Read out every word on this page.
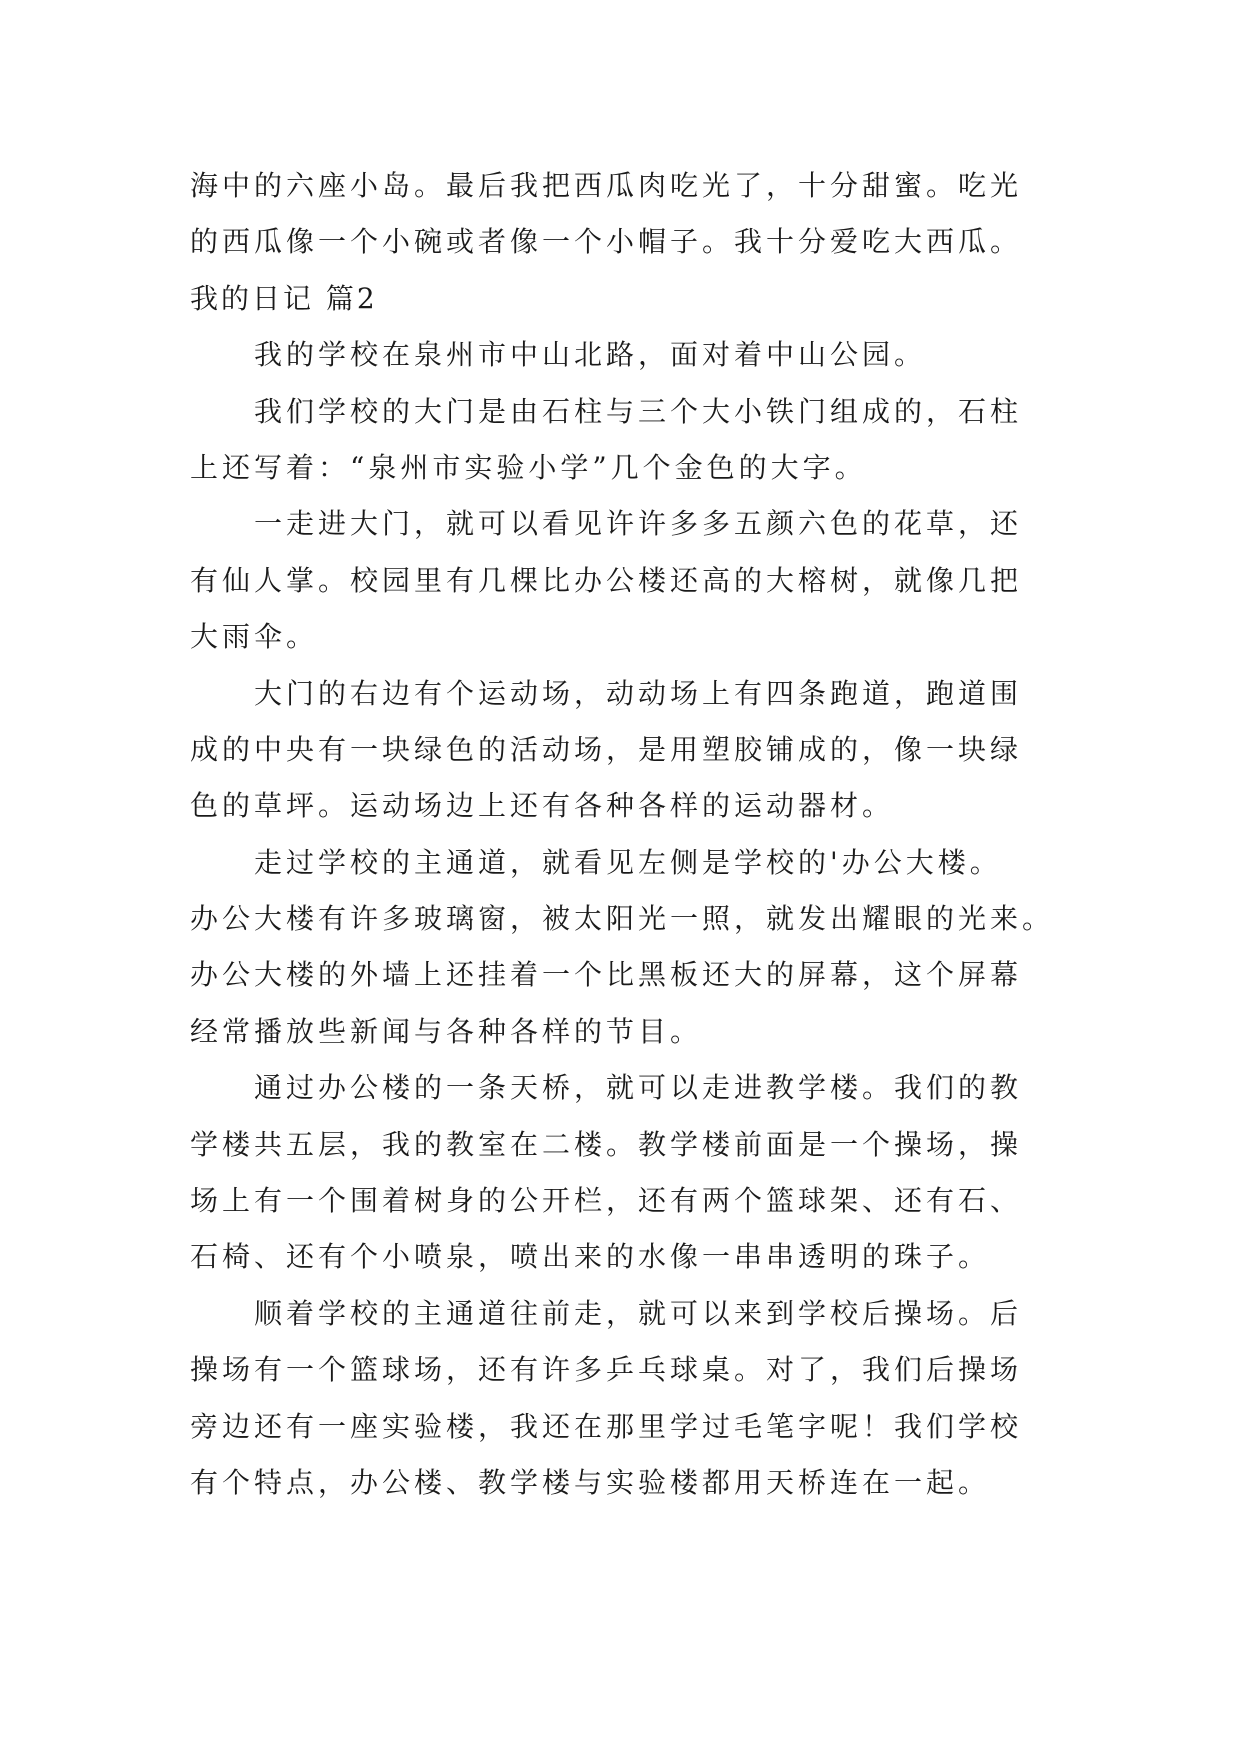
海中的六座小岛。最后我把西瓜肉吃光了，十分甜蜜。吃光
的西瓜像一个小碗或者像一个小帽子。我十分爱吃大西瓜。
我的日记 篇2
我的学校在泉州市中山北路，面对着中山公园。
我们学校的大门是由石柱与三个大小铁门组成的，石柱
上还写着：“泉州市实验小学”几个金色的大字。
一走进大门，就可以看见许许多多五颜六色的花草，还
有仙人掌。校园里有几棵比办公楼还高的大榕树，就像几把
大雨伞。
大门的右边有个运动场，动动场上有四条跑道，跑道围
成的中央有一块绿色的活动场，是用塑胶铺成的，像一块绿
色的草坪。运动场边上还有各种各样的运动器材。
走过学校的主通道，就看见左侧是学校的'办公大楼。
办公大楼有许多玻璃窗，被太阳光一照，就发出耀眼的光来。
办公大楼的外墙上还挂着一个比黑板还大的屏幕，这个屏幕
经常播放些新闻与各种各样的节目。
通过办公楼的一条天桥，就可以走进教学楼。我们的教
学楼共五层，我的教室在二楼。教学楼前面是一个操场，操
场上有一个围着树身的公开栏，还有两个篮球架、还有石、
石椅、还有个小喷泉，喷出来的水像一串串透明的珠子。
顺着学校的主通道往前走，就可以来到学校后操场。后
操场有一个篮球场，还有许多乒乓球桌。对了，我们后操场
旁边还有一座实验楼，我还在那里学过毛笔字呢！我们学校
有个特点，办公楼、教学楼与实验楼都用天桥连在一起。
